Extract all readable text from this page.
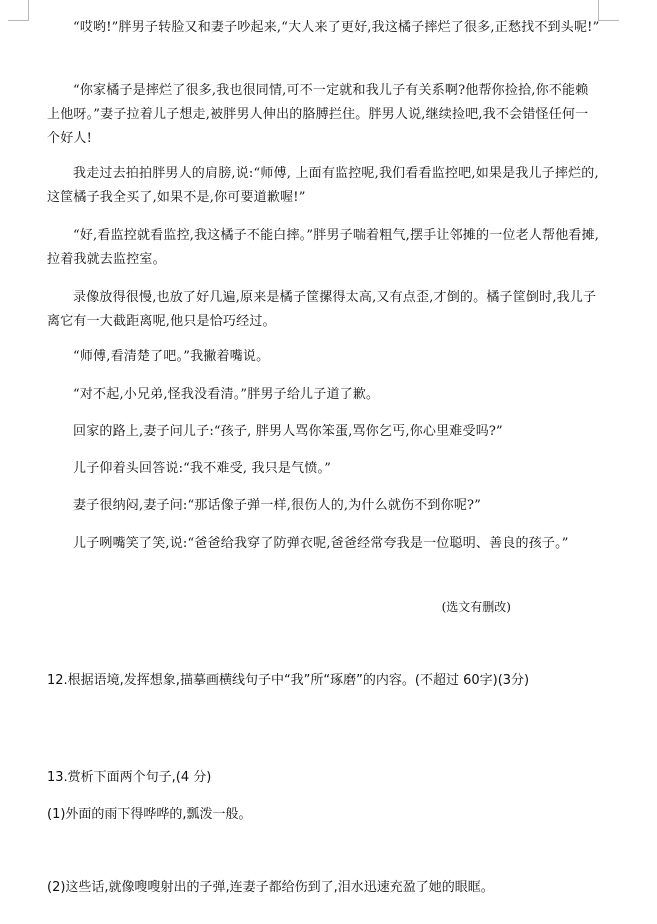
“哎哟!”胖男子转脸又和妻子吵起来,“大人来了更好,我这橘子摔烂了很多,正愁找不到头呢!”

“你家橘子是摔烂了很多,我也很同情,可不一定就和我儿子有关系啊?他帮你捡拾,你不能赖上他呀。”妻子拉着儿子想走,被胖男人伸出的胳膊拦住。胖男人说,继续捡吧,我不会错怪任何一个好人!

我走过去拍拍胖男人的肩膀,说:“师傅, 上面有监控呢,我们看看监控吧,如果是我儿子摔烂的,这筐橘子我全买了,如果不是,你可要道歉喔!”

“好,看监控就看监控,我这橘子不能白摔。”胖男子喘着粗气,摆手让邻摊的一位老人帮他看摊,拉着我就去监控室。

录像放得很慢,也放了好几遍,原来是橘子筐摞得太高,又有点歪,才倒的。橘子筐倒时,我儿子离它有一大截距离呢,他只是恰巧经过。

“师傅,看清楚了吧。”我撇着嘴说。

“对不起,小兄弟,怪我没看清。”胖男子给儿子道了歉。

回家的路上,妻子问儿子:“孩子, 胖男人骂你笨蛋,骂你乞丐,你心里难受吗?”

儿子仰着头回答说:“我不难受, 我只是气愤。”

妻子很纳闷,妻子问:“那话像子弹一样,很伤人的,为什么就伤不到你呢?”

儿子咧嘴笑了笑,说:“爸爸给我穿了防弹衣呢,爸爸经常夸我是一位聪明、善良的孩子。”

(选文有删改)

12.根据语境,发挥想象,描摹画横线句子中“我”所“琢磨”的内容。(不超过 60字)(3分)

13.赏析下面两个句子,(4 分)

(1)外面的雨下得哗哗的,瓢泼一般。

(2)这些话,就像嗖嗖射出的子弹,连妻子都给伤到了,泪水迅速充盈了她的眼眶。
